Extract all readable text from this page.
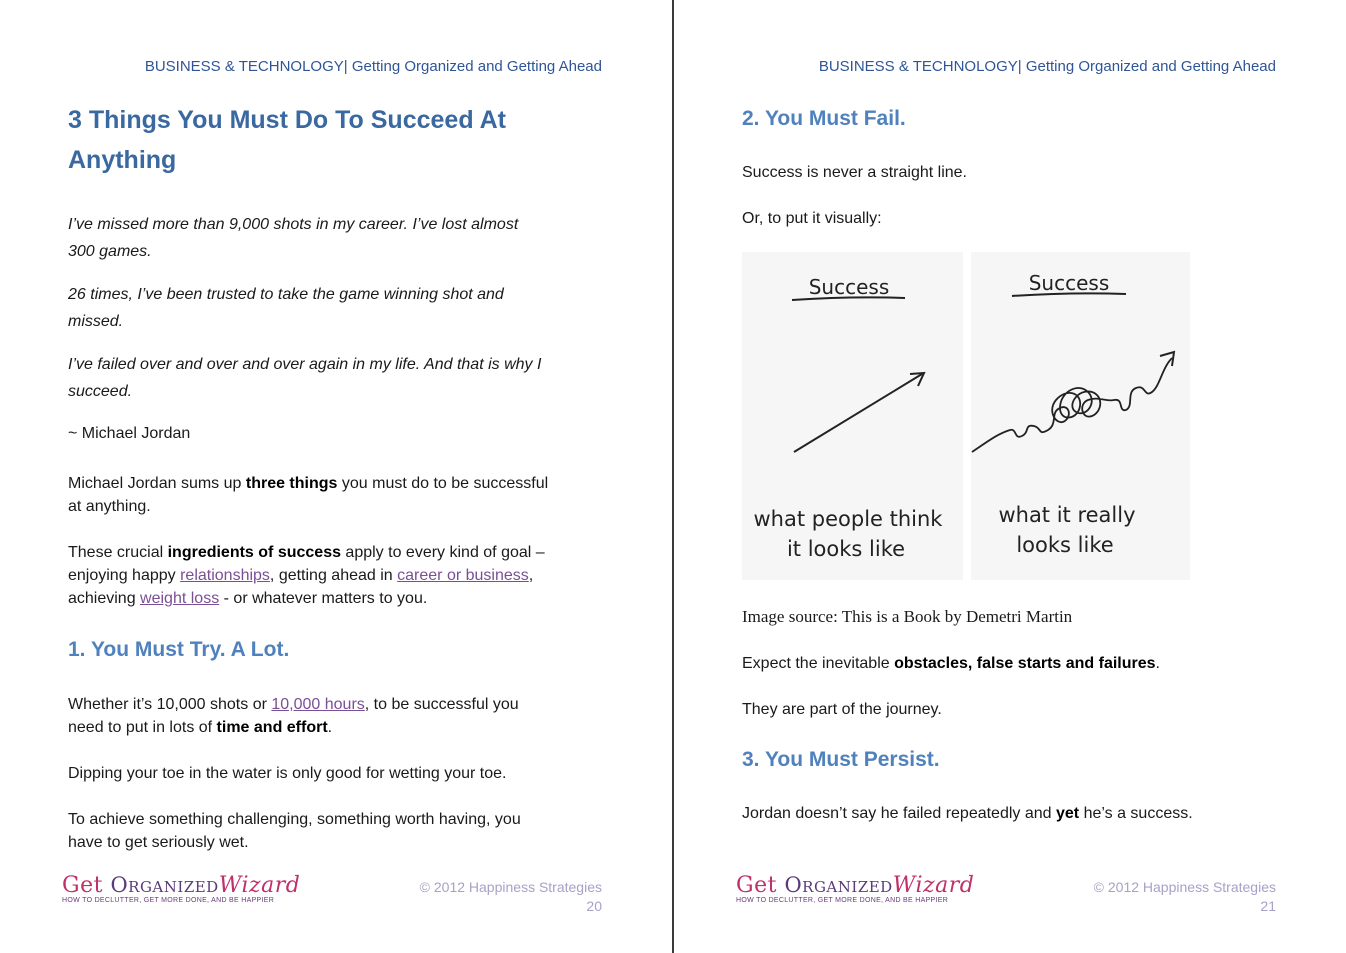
BUSINESS & TECHNOLOGY| Getting Organized and Getting Ahead

3 Things You Must Do To Succeed At

Anything

I’ve missed more than 9,000 shots in my career. I’ve lost almost

300 games.

26 times, I’ve been trusted to take the game winning shot and

missed.

I’ve failed over and over and over again in my life. And that is why I

succeed.

~ Michael Jordan

Michael Jordan sums up three things you must do to be successful
at anything.

These crucial ingredients of success apply to every kind of goal –
enjoying happy relationships, getting ahead in career or business,
achieving weight loss - or whatever matters to you.

1. You Must Try. A Lot.

Whether it’s 10,000 shots or 10,000 hours, to be successful you
need to put in lots of time and effort.

Dipping your toe in the water is only good for wetting your toe.

To achieve something challenging, something worth having, you

have to get seriously wet.

Get OrganizedWizard
HOW TO DECLUTTER, GET MORE DONE, AND BE HAPPIER
© 2012 Happiness Strategies
20
BUSINESS & TECHNOLOGY| Getting Organized and Getting Ahead

2. You Must Fail.

Success is never a straight line.

Or, to put it visually:

Success
what people think
it looks like
Success
what it really
looks like

Image source: This is a Book by Demetri Martin

Expect the inevitable obstacles, false starts and failures.

They are part of the journey.

3. You Must Persist.

Jordan doesn’t say he failed repeatedly and yet he’s a success.

Get OrganizedWizard
HOW TO DECLUTTER, GET MORE DONE, AND BE HAPPIER
© 2012 Happiness Strategies
21
